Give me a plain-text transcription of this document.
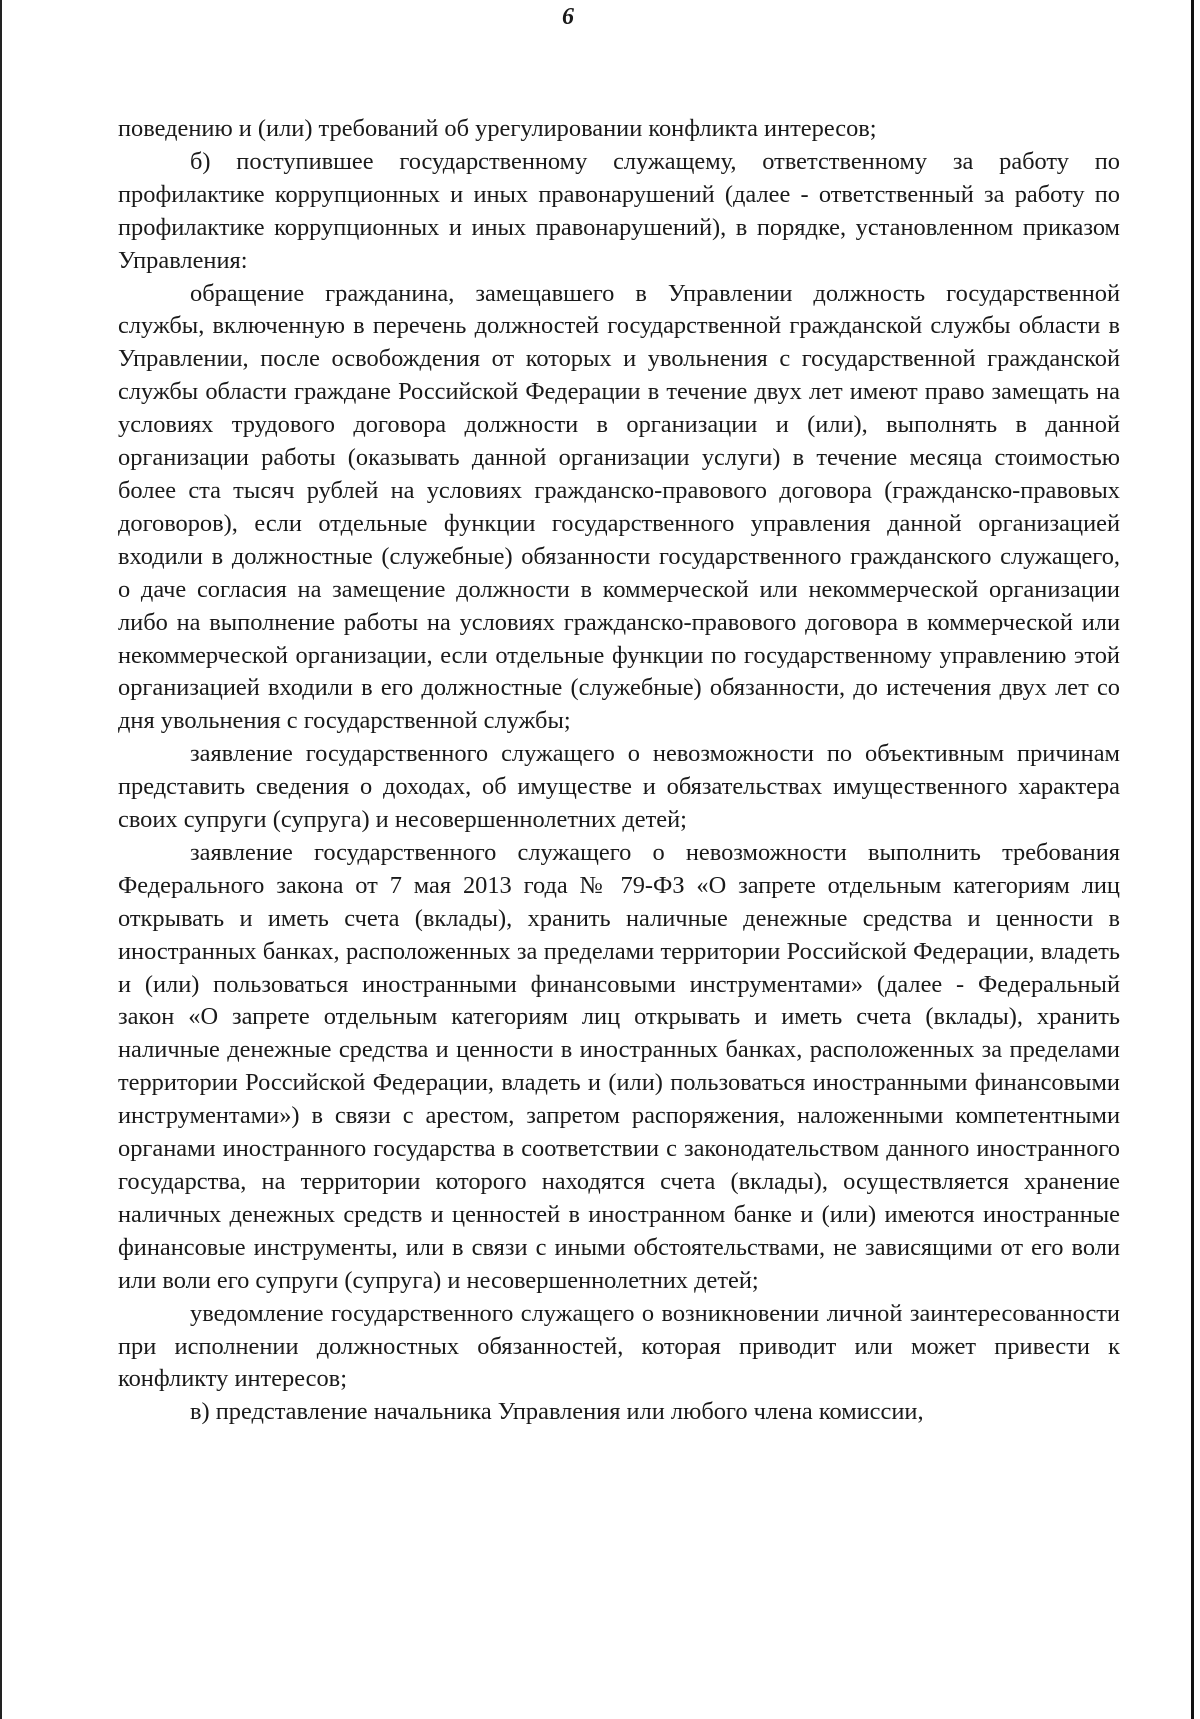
6

поведению и (или) требований об урегулировании конфликта интересов;

б) поступившее государственному служащему, ответственному за работу по профилактике коррупционных и иных правонарушений (далее - ответственный за работу по профилактике коррупционных и иных правонарушений), в порядке, установленном приказом Управления:

обращение гражданина, замещавшего в Управлении должность государственной службы, включенную в перечень должностей государственной гражданской службы области в Управлении, после освобождения от которых и увольнения с государственной гражданской службы области граждане Российской Федерации в течение двух лет имеют право замещать на условиях трудового договора должности в организации и (или), выполнять в данной организации работы (оказывать данной организации услуги) в течение месяца стоимостью более ста тысяч рублей на условиях гражданско-правового договора (гражданско-правовых договоров), если отдельные функции государственного управления данной организацией входили в должностные (служебные) обязанности государственного гражданского служащего, о даче согласия на замещение должности в коммерческой или некоммерческой организации либо на выполнение работы на условиях гражданско-правового договора в коммерческой или некоммерческой организации, если отдельные функции по государственному управлению этой организацией входили в его должностные (служебные) обязанности, до истечения двух лет со дня увольнения с государственной службы;

заявление государственного служащего о невозможности по объективным причинам представить сведения о доходах, об имуществе и обязательствах имущественного характера своих супруги (супруга) и несовершеннолетних детей;

заявление государственного служащего о невозможности выполнить требования Федерального закона от 7 мая 2013 года № 79-ФЗ «О запрете отдельным категориям лиц открывать и иметь счета (вклады), хранить наличные денежные средства и ценности в иностранных банках, расположенных за пределами территории Российской Федерации, владеть и (или) пользоваться иностранными финансовыми инструментами» (далее - Федеральный закон «О запрете отдельным категориям лиц открывать и иметь счета (вклады), хранить наличные денежные средства и ценности в иностранных банках, расположенных за пределами территории Российской Федерации, владеть и (или) пользоваться иностранными финансовыми инструментами») в связи с арестом, запретом распоряжения, наложенными компетентными органами иностранного государства в соответствии с законодательством данного иностранного государства, на территории которого находятся счета (вклады), осуществляется хранение наличных денежных средств и ценностей в иностранном банке и (или) имеются иностранные финансовые инструменты, или в связи с иными обстоятельствами, не зависящими от его воли или воли его супруги (супруга) и несовершеннолетних детей;

уведомление государственного служащего о возникновении личной заинтересованности при исполнении должностных обязанностей, которая приводит или может привести к конфликту интересов;

в) представление начальника Управления или любого члена комиссии,
